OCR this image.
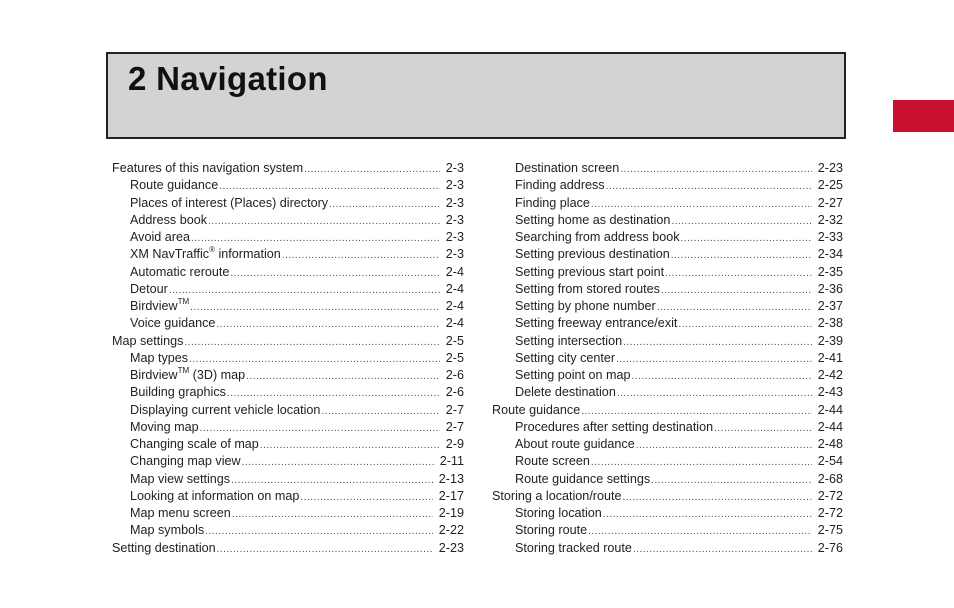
2 Navigation
Features of this navigation system .....	2-3
Route guidance .....	2-3
Places of interest (Places) directory .....	2-3
Address book .....	2-3
Avoid area .....	2-3
XM NavTraffic® information .....	2-3
Automatic reroute .....	2-4
Detour .....	2-4
Birdview™ .....	2-4
Voice guidance .....	2-4
Map settings .....	2-5
Map types .....	2-5
Birdview™ (3D) map .....	2-6
Building graphics .....	2-6
Displaying current vehicle location .....	2-7
Moving map .....	2-7
Changing scale of map .....	2-9
Changing map view .....	2-11
Map view settings .....	2-13
Looking at information on map .....	2-17
Map menu screen .....	2-19
Map symbols .....	2-22
Setting destination .....	2-23
Destination screen .....	2-23
Finding address .....	2-25
Finding place .....	2-27
Setting home as destination .....	2-32
Searching from address book .....	2-33
Setting previous destination .....	2-34
Setting previous start point .....	2-35
Setting from stored routes .....	2-36
Setting by phone number .....	2-37
Setting freeway entrance/exit .....	2-38
Setting intersection .....	2-39
Setting city center .....	2-41
Setting point on map .....	2-42
Delete destination .....	2-43
Route guidance .....	2-44
Procedures after setting destination .....	2-44
About route guidance .....	2-48
Route screen .....	2-54
Route guidance settings .....	2-68
Storing a location/route .....	2-72
Storing location .....	2-72
Storing route .....	2-75
Storing tracked route .....	2-76
